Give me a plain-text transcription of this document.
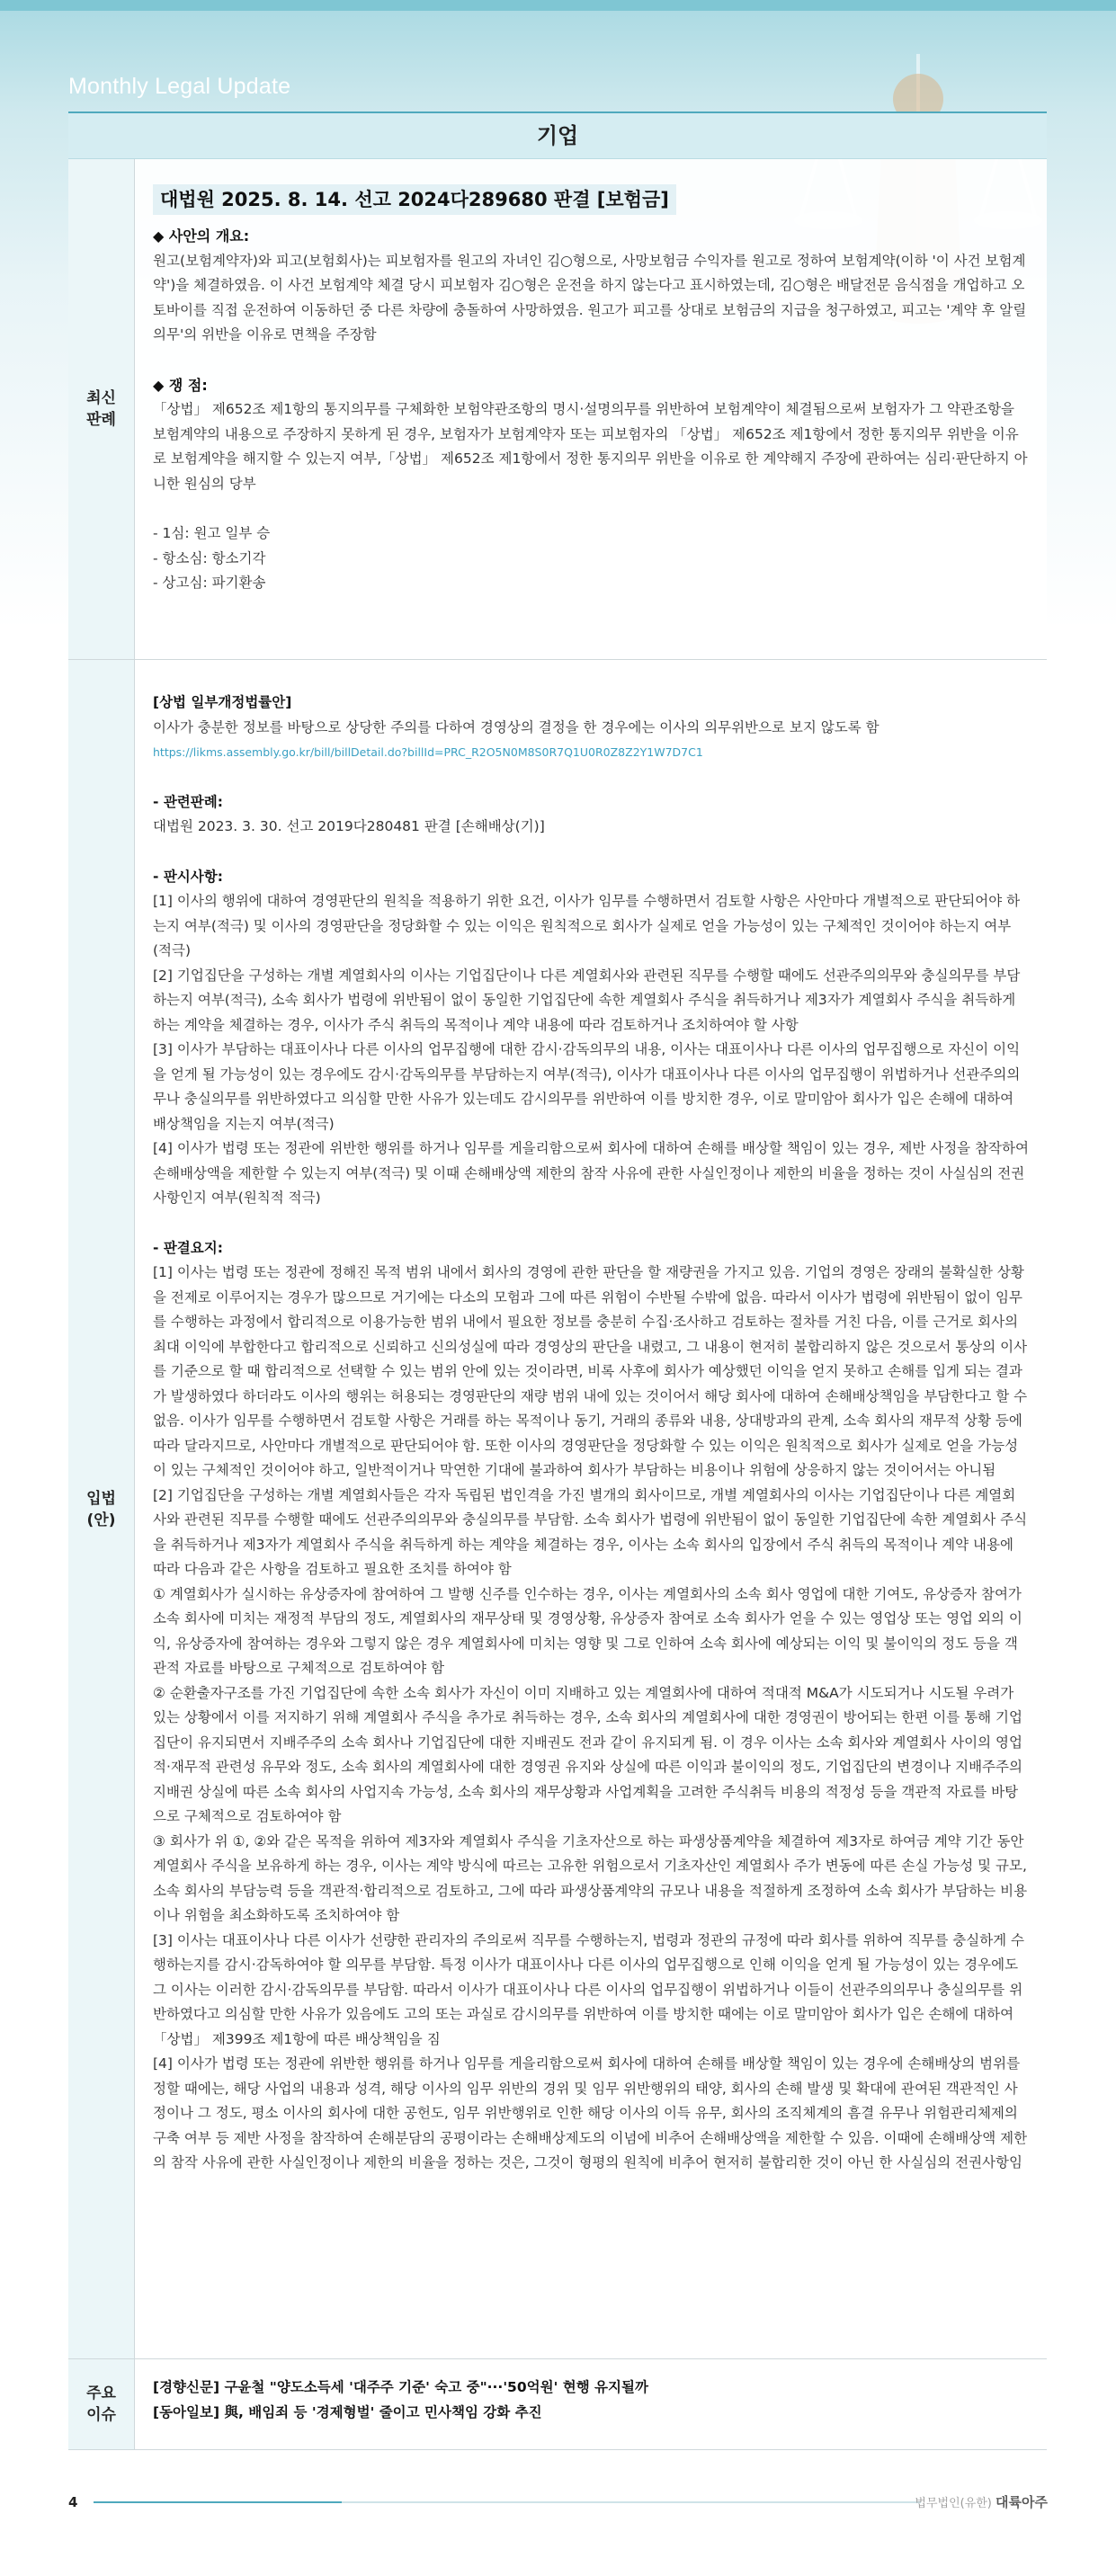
Monthly Legal Update
기업
최신
판례
대법원 2025. 8. 14. 선고 2024다289680 판결 [보험금]

◆ 사안의 개요:

원고(보험계약자)와 피고(보험회사)는 피보험자를 원고의 자녀인 김○형으로, 사망보험금 수익자를 원고로 정하여 보험계약(이하 '이 사건 보험계약')을 체결하였음. 이 사건 보험계약 체결 당시 피보험자 김○형은 운전을 하지 않는다고 표시하였는데, 김○형은 배달전문 음식점을 개업하고 오토바이를 직접 운전하여 이동하던 중 다른 차량에 충돌하여 사망하였음. 원고가 피고를 상대로 보험금의 지급을 청구하였고, 피고는 '계약 후 알릴 의무'의 위반을 이유로 면책을 주장함

◆ 쟁 점:

「상법」 제652조 제1항의 통지의무를 구체화한 보험약관조항의 명시·설명의무를 위반하여 보험계약이 체결됨으로써 보험자가 그 약관조항을 보험계약의 내용으로 주장하지 못하게 된 경우, 보험자가 보험계약자 또는 피보험자의 「상법」 제652조 제1항에서 정한 통지의무 위반을 이유로 보험계약을 해지할 수 있는지 여부,「상법」 제652조 제1항에서 정한 통지의무 위반을 이유로 한 계약해지 주장에 관하여는 심리·판단하지 아니한 원심의 당부

- 1심: 원고 일부 승

- 항소심: 항소기각

- 상고심: 파기환송

입법
(안)

[상법 일부개정법률안]

이사가 충분한 정보를 바탕으로 상당한 주의를 다하여 경영상의 결정을 한 경우에는 이사의 의무위반으로 보지 않도록 함

https://likms.assembly.go.kr/bill/billDetail.do?billId=PRC_R2O5N0M8S0R7Q1U0R0Z8Z2Y1W7D7C1

- 관련판례:

대법원 2023. 3. 30. 선고 2019다280481 판결 [손해배상(기)]

- 판시사항:

[1] 이사의 행위에 대하여 경영판단의 원칙을 적용하기 위한 요건, 이사가 임무를 수행하면서 검토할 사항은 사안마다 개별적으로 판단되어야 하는지 여부(적극) 및 이사의 경영판단을 정당화할 수 있는 이익은 원칙적으로 회사가 실제로 얻을 가능성이 있는 구체적인 것이어야 하는지 여부(적극)

[2] 기업집단을 구성하는 개별 계열회사의 이사는 기업집단이나 다른 계열회사와 관련된 직무를 수행할 때에도 선관주의의무와 충실의무를 부담하는지 여부(적극), 소속 회사가 법령에 위반됨이 없이 동일한 기업집단에 속한 계열회사 주식을 취득하거나 제3자가 계열회사 주식을 취득하게 하는 계약을 체결하는 경우, 이사가 주식 취득의 목적이나 계약 내용에 따라 검토하거나 조치하여야 할 사항

[3] 이사가 부담하는 대표이사나 다른 이사의 업무집행에 대한 감시·감독의무의 내용, 이사는 대표이사나 다른 이사의 업무집행으로 자신이 이익을 얻게 될 가능성이 있는 경우에도 감시·감독의무를 부담하는지 여부(적극), 이사가 대표이사나 다른 이사의 업무집행이 위법하거나 선관주의의무나 충실의무를 위반하였다고 의심할 만한 사유가 있는데도 감시의무를 위반하여 이를 방치한 경우, 이로 말미암아 회사가 입은 손해에 대하여 배상책임을 지는지 여부(적극)

[4] 이사가 법령 또는 정관에 위반한 행위를 하거나 임무를 게을리함으로써 회사에 대하여 손해를 배상할 책임이 있는 경우, 제반 사정을 참작하여 손해배상액을 제한할 수 있는지 여부(적극) 및 이때 손해배상액 제한의 참작 사유에 관한 사실인정이나 제한의 비율을 정하는 것이 사실심의 전권사항인지 여부(원칙적 적극)

- 판결요지:

[1] 이사는 법령 또는 정관에 정해진 목적 범위 내에서 회사의 경영에 관한 판단을 할 재량권을 가지고 있음. 기업의 경영은 장래의 불확실한 상황을 전제로 이루어지는 경우가 많으므로 거기에는 다소의 모험과 그에 따른 위험이 수반될 수밖에 없음. 따라서 이사가 법령에 위반됨이 없이 임무를 수행하는 과정에서 합리적으로 이용가능한 범위 내에서 필요한 정보를 충분히 수집·조사하고 검토하는 절차를 거친 다음, 이를 근거로 회사의 최대 이익에 부합한다고 합리적으로 신뢰하고 신의성실에 따라 경영상의 판단을 내렸고, 그 내용이 현저히 불합리하지 않은 것으로서 통상의 이사를 기준으로 할 때 합리적으로 선택할 수 있는 범위 안에 있는 것이라면, 비록 사후에 회사가 예상했던 이익을 얻지 못하고 손해를 입게 되는 결과가 발생하였다 하더라도 이사의 행위는 허용되는 경영판단의 재량 범위 내에 있는 것이어서 해당 회사에 대하여 손해배상책임을 부담한다고 할 수 없음. 이사가 임무를 수행하면서 검토할 사항은 거래를 하는 목적이나 동기, 거래의 종류와 내용, 상대방과의 관계, 소속 회사의 재무적 상황 등에 따라 달라지므로, 사안마다 개별적으로 판단되어야 함. 또한 이사의 경영판단을 정당화할 수 있는 이익은 원칙적으로 회사가 실제로 얻을 가능성이 있는 구체적인 것이어야 하고, 일반적이거나 막연한 기대에 불과하여 회사가 부담하는 비용이나 위험에 상응하지 않는 것이어서는 아니됨

[2] 기업집단을 구성하는 개별 계열회사들은 각자 독립된 법인격을 가진 별개의 회사이므로, 개별 계열회사의 이사는 기업집단이나 다른 계열회사와 관련된 직무를 수행할 때에도 선관주의의무와 충실의무를 부담함. 소속 회사가 법령에 위반됨이 없이 동일한 기업집단에 속한 계열회사 주식을 취득하거나 제3자가 계열회사 주식을 취득하게 하는 계약을 체결하는 경우, 이사는 소속 회사의 입장에서 주식 취득의 목적이나 계약 내용에 따라 다음과 같은 사항을 검토하고 필요한 조치를 하여야 함

① 계열회사가 실시하는 유상증자에 참여하여 그 발행 신주를 인수하는 경우, 이사는 계열회사의 소속 회사 영업에 대한 기여도, 유상증자 참여가 소속 회사에 미치는 재정적 부담의 정도, 계열회사의 재무상태 및 경영상황, 유상증자 참여로 소속 회사가 얻을 수 있는 영업상 또는 영업 외의 이익, 유상증자에 참여하는 경우와 그렇지 않은 경우 계열회사에 미치는 영향 및 그로 인하여 소속 회사에 예상되는 이익 및 불이익의 정도 등을 객관적 자료를 바탕으로 구체적으로 검토하여야 함

② 순환출자구조를 가진 기업집단에 속한 소속 회사가 자신이 이미 지배하고 있는 계열회사에 대하여 적대적 M&A가 시도되거나 시도될 우려가 있는 상황에서 이를 저지하기 위해 계열회사 주식을 추가로 취득하는 경우, 소속 회사의 계열회사에 대한 경영권이 방어되는 한편 이를 통해 기업집단이 유지되면서 지배주주의 소속 회사나 기업집단에 대한 지배권도 전과 같이 유지되게 됨. 이 경우 이사는 소속 회사와 계열회사 사이의 영업적·재무적 관련성 유무와 정도, 소속 회사의 계열회사에 대한 경영권 유지와 상실에 따른 이익과 불이익의 정도, 기업집단의 변경이나 지배주주의 지배권 상실에 따른 소속 회사의 사업지속 가능성, 소속 회사의 재무상황과 사업계획을 고려한 주식취득 비용의 적정성 등을 객관적 자료를 바탕으로 구체적으로 검토하여야 함

③ 회사가 위 ①, ②와 같은 목적을 위하여 제3자와 계열회사 주식을 기초자산으로 하는 파생상품계약을 체결하여 제3자로 하여금 계약 기간 동안 계열회사 주식을 보유하게 하는 경우, 이사는 계약 방식에 따르는 고유한 위험으로서 기초자산인 계열회사 주가 변동에 따른 손실 가능성 및 규모, 소속 회사의 부담능력 등을 객관적·합리적으로 검토하고, 그에 따라 파생상품계약의 규모나 내용을 적절하게 조정하여 소속 회사가 부담하는 비용이나 위험을 최소화하도록 조치하여야 함

[3] 이사는 대표이사나 다른 이사가 선량한 관리자의 주의로써 직무를 수행하는지, 법령과 정관의 규정에 따라 회사를 위하여 직무를 충실하게 수행하는지를 감시·감독하여야 할 의무를 부담함. 특정 이사가 대표이사나 다른 이사의 업무집행으로 인해 이익을 얻게 될 가능성이 있는 경우에도 그 이사는 이러한 감시·감독의무를 부담함. 따라서 이사가 대표이사나 다른 이사의 업무집행이 위법하거나 이들이 선관주의의무나 충실의무를 위반하였다고 의심할 만한 사유가 있음에도 고의 또는 과실로 감시의무를 위반하여 이를 방치한 때에는 이로 말미암아 회사가 입은 손해에 대하여 「상법」 제399조 제1항에 따른 배상책임을 짐

[4] 이사가 법령 또는 정관에 위반한 행위를 하거나 임무를 게을리함으로써 회사에 대하여 손해를 배상할 책임이 있는 경우에 손해배상의 범위를 정할 때에는, 해당 사업의 내용과 성격, 해당 이사의 임무 위반의 경위 및 임무 위반행위의 태양, 회사의 손해 발생 및 확대에 관여된 객관적인 사정이나 그 정도, 평소 이사의 회사에 대한 공헌도, 임무 위반행위로 인한 해당 이사의 이득 유무, 회사의 조직체계의 흠결 유무나 위험관리체제의 구축 여부 등 제반 사정을 참작하여 손해분담의 공평이라는 손해배상제도의 이념에 비추어 손해배상액을 제한할 수 있음. 이때에 손해배상액 제한의 참작 사유에 관한 사실인정이나 제한의 비율을 정하는 것은, 그것이 형평의 원칙에 비추어 현저히 불합리한 것이 아닌 한 사실심의 전권사항임

주요
이슈

[경향신문] 구윤철 "양도소득세 '대주주 기준' 숙고 중"···'50억원' 현행 유지될까

[동아일보] 與, 배임죄 등 '경제형벌' 줄이고 민사책임 강화 추진

4	법무법인(유한) 대륙아주
